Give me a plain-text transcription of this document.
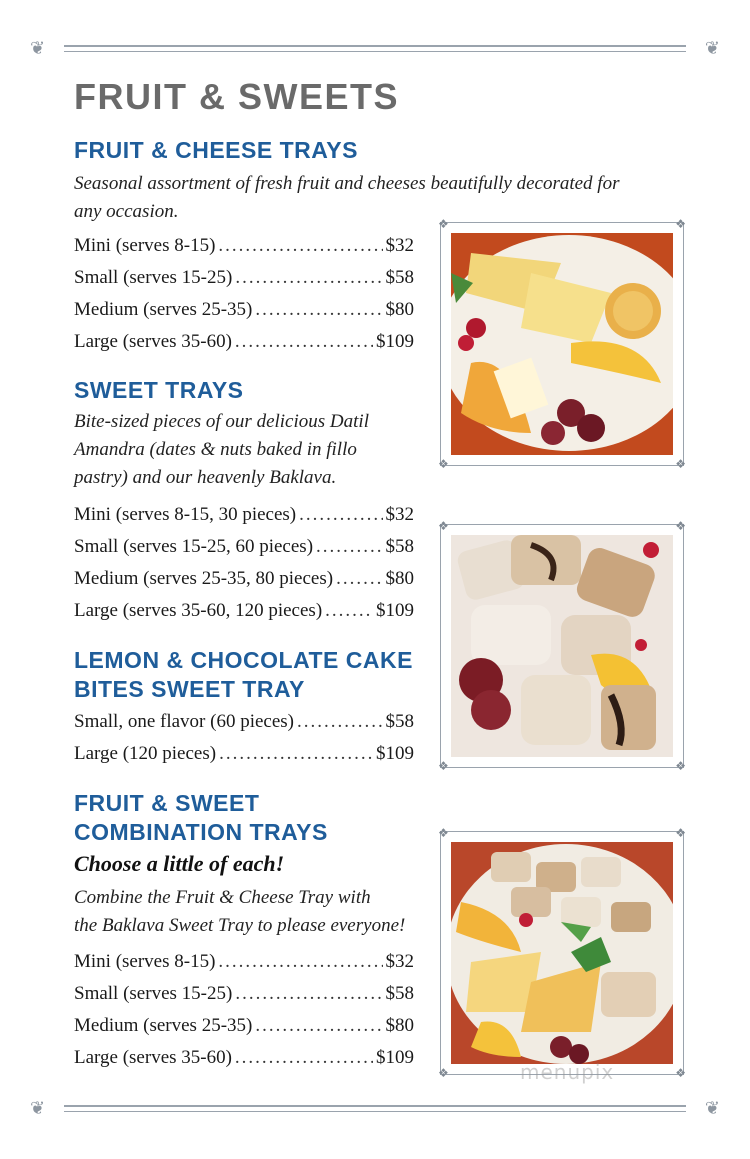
❦	❦
FRUIT & SWEETS
FRUIT & CHEESE TRAYS

Seasonal assortment of fresh fruit and cheeses beautifully decorated for
any occasion.

Mini (serves 8-15) .....	$32
Small (serves 15-25) .....	$58
Medium (serves 25-35) .....	$80
Large (serves 35-60) .....	$109
SWEET TRAYS

Bite-sized pieces of our delicious Datil
Amandra (dates & nuts baked in fillo
pastry) and our heavenly Baklava.

Mini (serves 8-15, 30 pieces) .....	$32
Small (serves 15-25, 60 pieces) .....	$58
Medium (serves 25-35, 80 pieces) .....	$80
Large (serves 35-60, 120 pieces) .....	$109
LEMON & CHOCOLATE CAKE
BITES SWEET TRAY
Small, one flavor (60 pieces) .....	$58
Large (120 pieces) .....	$109
FRUIT & SWEET
COMBINATION TRAYS

Choose a little of each!

Combine the Fruit & Cheese Tray with
the Baklava Sweet Tray to please everyone!

Mini (serves 8-15) .....	$32
Small (serves 15-25) .....	$58
Medium (serves 25-35) .....	$80
Large (serves 35-60) .....	$109
❖	❖
❖	❖
❖	❖
❖	❖
❖	❖
❖	❖
❦	❦
menupix
